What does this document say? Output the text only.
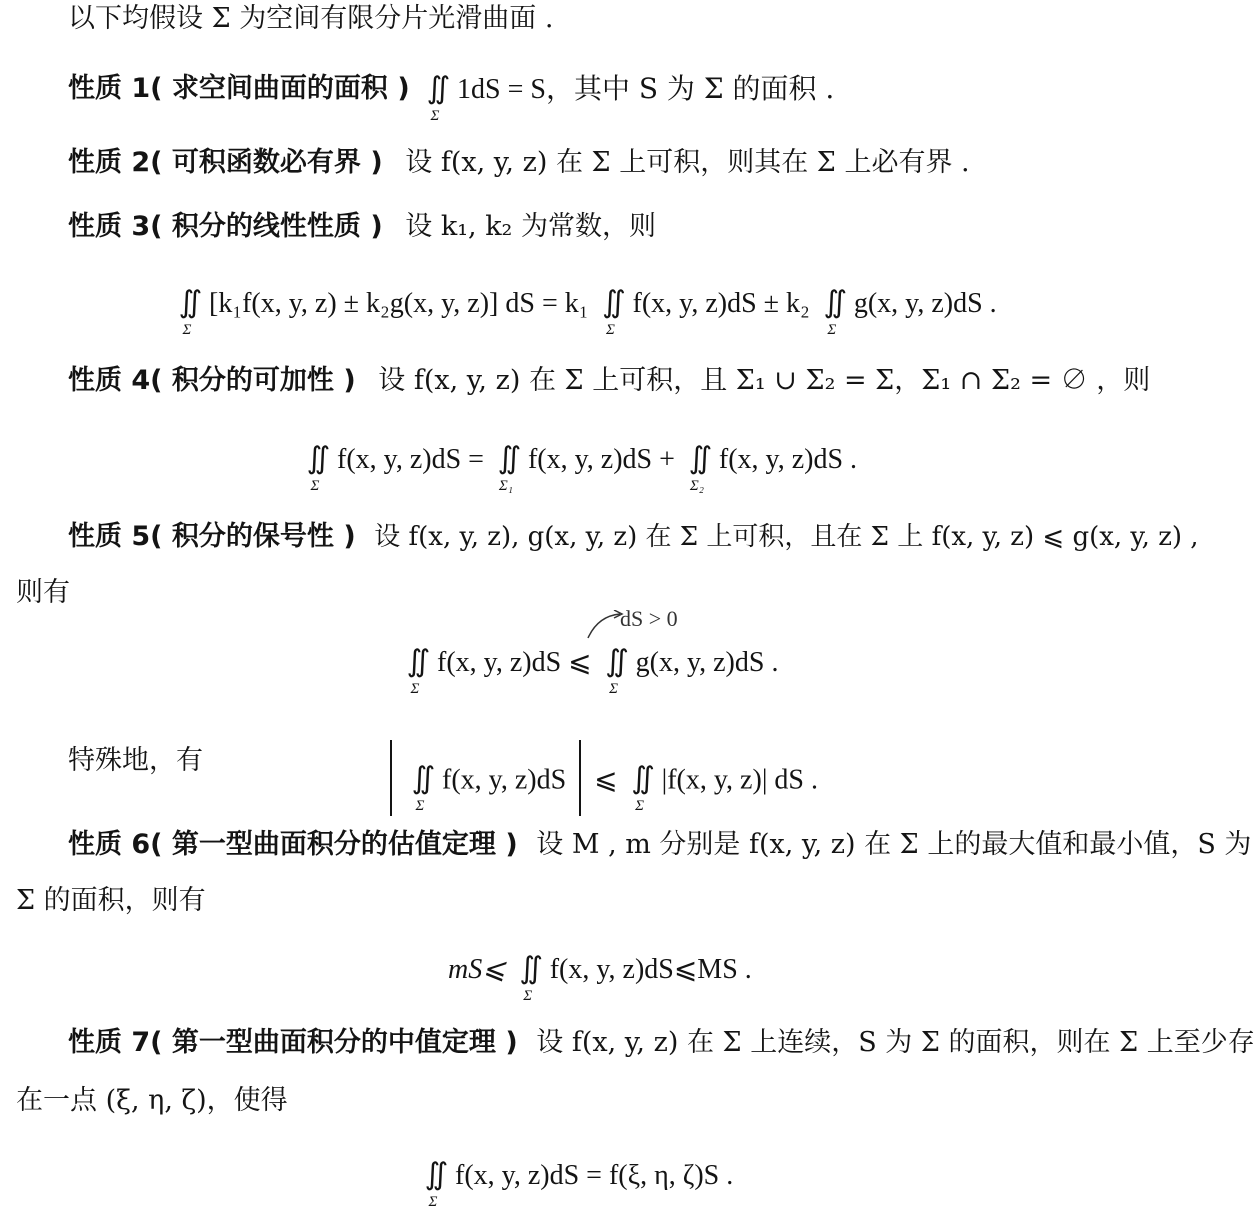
以下均假设 Σ 为空间有限分片光滑曲面 .
性质 1( 求空间曲面的面积 ) ∬
Σ
1dS = S，其中 S 为 Σ 的面积 .
性质 2( 可积函数必有界 ) 设 f(x, y, z) 在 Σ 上可积，则其在 Σ 上必有界 .
性质 3( 积分的线性性质 ) 设 k₁, k₂ 为常数，则
∬
Σ
[k₁f(x, y, z) ± k₂g(x, y, z)] dS = k₁ ∬
Σ
f(x, y, z)dS ± k₂ ∬
Σ
g(x, y, z)dS .
性质 4( 积分的可加性 ) 设 f(x, y, z) 在 Σ 上可积，且 Σ₁ ∪ Σ₂ = Σ，Σ₁ ∩ Σ₂ = ∅ ，则
∬
Σ
f(x, y, z)dS = ∬
Σ₁
f(x, y, z)dS + ∬
Σ₂
f(x, y, z)dS .
性质 5( 积分的保号性 ) 设 f(x, y, z), g(x, y, z) 在 Σ 上可积，且在 Σ 上 f(x, y, z) ⩽ g(x, y, z) ,
则有
dS > 0
∬
Σ
f(x, y, z)dS ⩽ ∬
Σ
g(x, y, z)dS .
特殊地，有
∬
Σ
f(x, y, z)dS ⩽ ∬
Σ
|f(x, y, z)| dS .
性质 6( 第一型曲面积分的估值定理 ) 设 M , m 分别是 f(x, y, z) 在 Σ 上的最大值和最小值，S 为
Σ 的面积，则有
mS⩽ ∬
Σ
f(x, y, z)dS⩽MS .
性质 7( 第一型曲面积分的中值定理 ) 设 f(x, y, z) 在 Σ 上连续，S 为 Σ 的面积，则在 Σ 上至少存
在一点 (ξ, η, ζ)，使得
∬
Σ
f(x, y, z)dS = f(ξ, η, ζ)S .
